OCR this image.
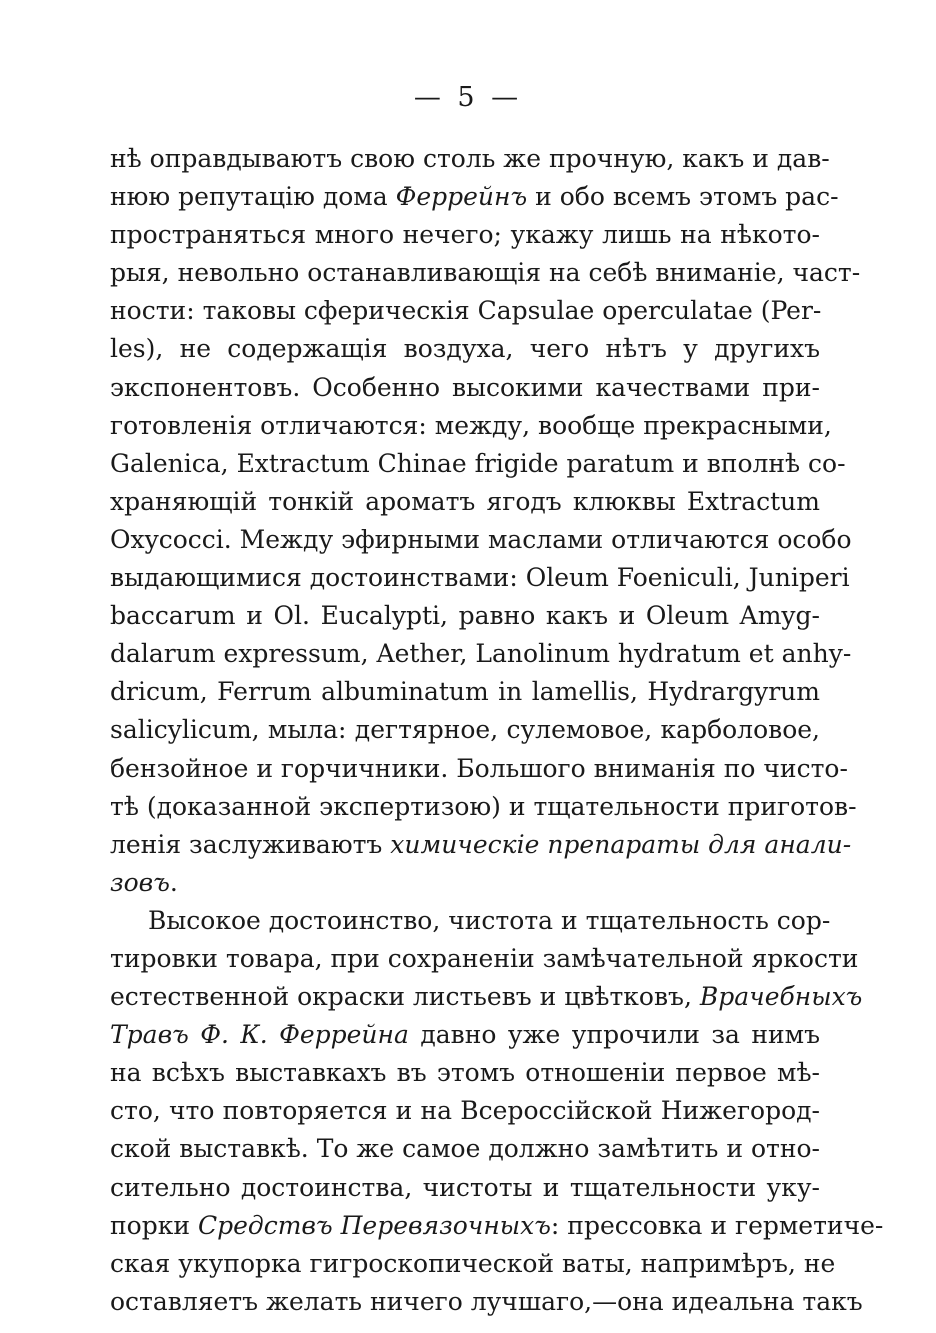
— 5 —
нѣ оправдываютъ свою столь же прочную, какъ и дав-
нюю репутацію дома Феррейнъ и обо всемъ этомъ рас-
пространяться много нечего; укажу лишь на нѣкото-
рыя, невольно останавливающія на себѣ вниманіе, част-
ности: таковы сферическія Capsulae operculatae (Per-
les), не содержащія воздуха, чего нѣтъ у другихъ
экспонентовъ. Особенно высокими качествами при-
готовленія отличаются: между, вообще прекрасными,
Galenica, Extractum Chinae frigide paratum и вполнѣ со-
храняющій тонкій ароматъ ягодъ клюквы Extractum
Oxycocci. Между эфирными маслами отличаются особо
выдающимися достоинствами: Oleum Foeniculi, Juniperi
baccarum и Ol. Eucalypti, равно какъ и Oleum Amyg-
dalarum expressum, Aether, Lanolinum hydratum et anhy-
dricum, Ferrum albuminatum in lamellis, Hydrargyrum
salicylicum, мыла: дегтярное, сулемовое, карболовое,
бензойное и горчичники. Большого вниманія по чисто-
тѣ (доказанной экспертизою) и тщательности приготов-
ленія заслуживаютъ химическіе препараты для анали-
зовъ.
Высокое достоинство, чистота и тщательность сор-
тировки товара, при сохраненіи замѣчательной яркости
естественной окраски листьевъ и цвѣтковъ, Врачебныхъ
Травъ Ф. К. Феррейна давно уже упрочили за нимъ
на всѣхъ выставкахъ въ этомъ отношеніи первое мѣ-
сто, что повторяется и на Всероссійской Нижегород-
ской выставкѣ. То же самое должно замѣтить и отно-
сительно достоинства, чистоты и тщательности уку-
порки Средствъ Перевязочныхъ: прессовка и герметиче-
ская укупорка гигроскопической ваты, напримѣръ, не
оставляетъ желать ничего лучшаго,—она идеальна такъ
